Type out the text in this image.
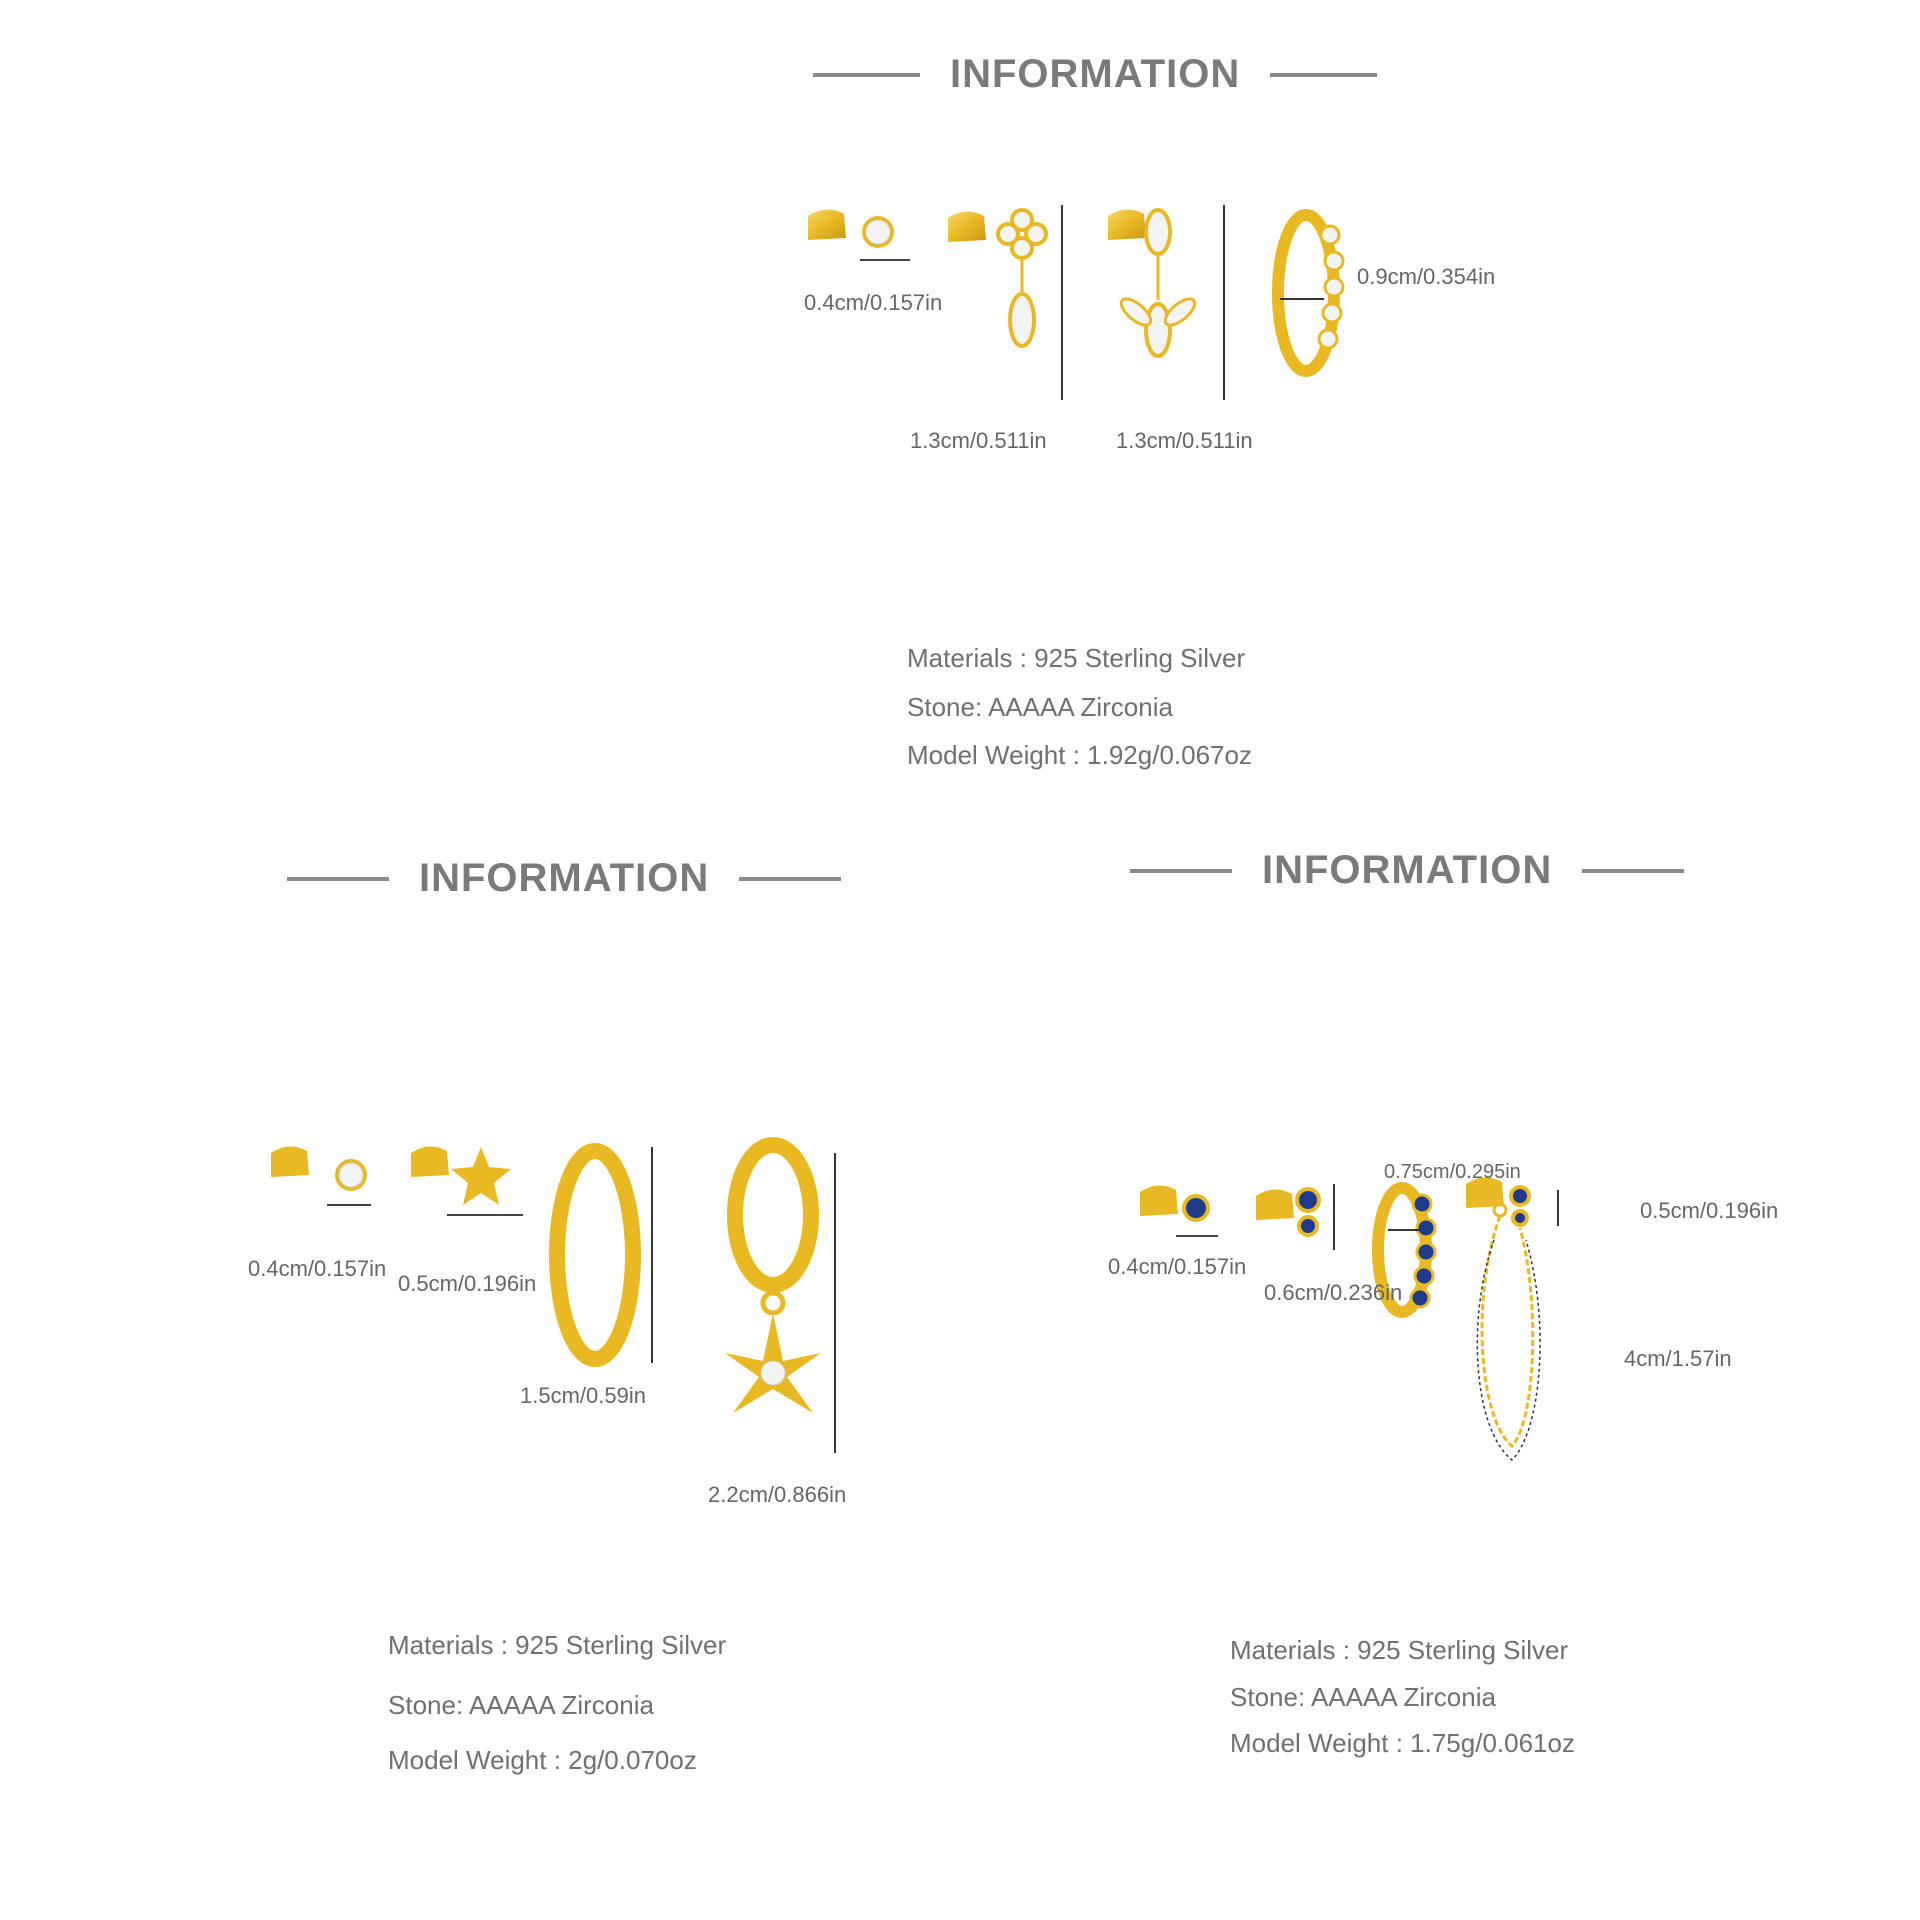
INFORMATION
0.4cm/0.157in
1.3cm/0.511in	1.3cm/0.511in
0.9cm/0.354in
Materials : 925 Sterling Silver
Stone: AAAAA Zirconia
Model Weight : 1.92g/0.067oz
INFORMATION
0.4cm/0.157in
0.5cm/0.196in
1.5cm/0.59in
2.2cm/0.866in
Materials : 925 Sterling Silver
Stone: AAAAA Zirconia
Model Weight : 2g/0.070oz
INFORMATION
0.4cm/0.157in
0.6cm/0.236in
0.75cm/0.295in
0.5cm/0.196in
4cm/1.57in
Materials : 925 Sterling Silver
Stone: AAAAA Zirconia
Model Weight : 1.75g/0.061oz
